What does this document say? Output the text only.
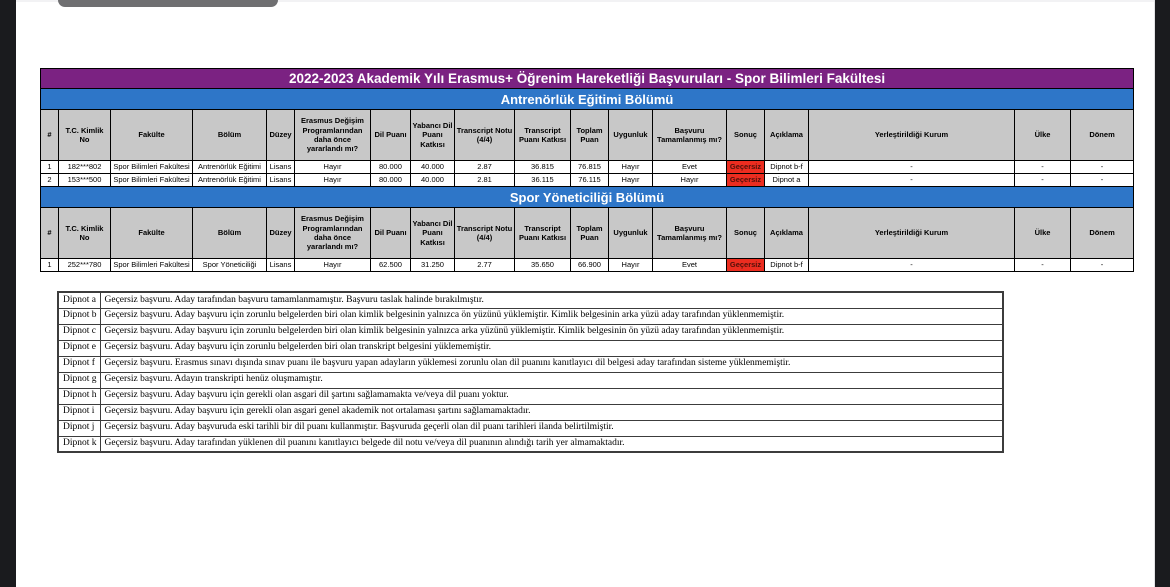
2022-2023 Akademik Yılı Erasmus+ Öğrenim Hareketliği Başvuruları - Spor Bilimleri Fakültesi																	
Antrenörlük Eğitimi Bölümü																	
#	T.C. Kimlik No	Fakülte	Bölüm	Düzey	Erasmus Değişim Programlarından daha önce yararlandı mı?	Dil Puanı	Yabancı Dil Puanı Katkısı	Transcript Notu (4/4)	Transcript Puanı Katkısı	Toplam Puan	Uygunluk	Başvuru Tamamlanmış mı?	Sonuç	Açıklama	Yerleştirildiği Kurum	Ülke	Dönem
1	182***802	Spor Bilimleri Fakültesi	Antrenörlük Eğitimi	Lisans	Hayır	80.000	40.000	2.87	36.815	76.815	Hayır	Evet	Geçersiz	Dipnot b-f	-	-	-
2	153***500	Spor Bilimleri Fakültesi	Antrenörlük Eğitimi	Lisans	Hayır	80.000	40.000	2.81	36.115	76.115	Hayır	Hayır	Geçersiz	Dipnot a	-	-	-
Spor Yöneticiliği Bölümü																	
#	T.C. Kimlik No	Fakülte	Bölüm	Düzey	Erasmus Değişim Programlarından daha önce yararlandı mı?	Dil Puanı	Yabancı Dil Puanı Katkısı	Transcript Notu (4/4)	Transcript Puanı Katkısı	Toplam Puan	Uygunluk	Başvuru Tamamlanmış mı?	Sonuç	Açıklama	Yerleştirildiği Kurum	Ülke	Dönem
1	252***780	Spor Bilimleri Fakültesi	Spor Yöneticiliği	Lisans	Hayır	62.500	31.250	2.77	35.650	66.900	Hayır	Evet	Geçersiz	Dipnot b-f	-	-	-
Dipnot a	Geçersiz başvuru. Aday tarafından başvuru tamamlanmamıştır. Başvuru taslak halinde bırakılmıştır.
Dipnot b	Geçersiz başvuru. Aday başvuru için zorunlu belgelerden biri olan kimlik belgesinin yalnızca ön yüzünü yüklemiştir. Kimlik belgesinin arka yüzü aday tarafından yüklenmemiştir.
Dipnot c	Geçersiz başvuru. Aday başvuru için zorunlu belgelerden biri olan kimlik belgesinin yalnızca arka yüzünü yüklemiştir. Kimlik belgesinin ön yüzü aday tarafından yüklenmemiştir.
Dipnot e	Geçersiz başvuru. Aday başvuru için zorunlu belgelerden biri olan transkript belgesini yüklememiştir.
Dipnot f	Geçersiz başvuru. Erasmus sınavı dışında sınav puanı ile başvuru yapan adayların yüklemesi zorunlu olan dil puanını kanıtlayıcı dil belgesi aday tarafından sisteme yüklenmemiştir.
Dipnot g	Geçersiz başvuru. Adayın transkripti henüz oluşmamıştır.
Dipnot h	Geçersiz başvuru. Aday başvuru için gerekli olan asgari dil şartını sağlamamakta ve/veya dil puanı yoktur.
Dipnot i	Geçersiz başvuru. Aday başvuru için gerekli olan asgari genel akademik not ortalaması şartını sağlamamaktadır.
Dipnot j	Geçersiz başvuru. Aday başvuruda eski tarihli bir dil puanı kullanmıştır. Başvuruda geçerli olan dil puanı tarihleri ilanda belirtilmiştir.
Dipnot k	Geçersiz başvuru. Aday tarafından yüklenen dil puanını kanıtlayıcı belgede dil notu ve/veya dil puanının alındığı tarih yer almamaktadır.
